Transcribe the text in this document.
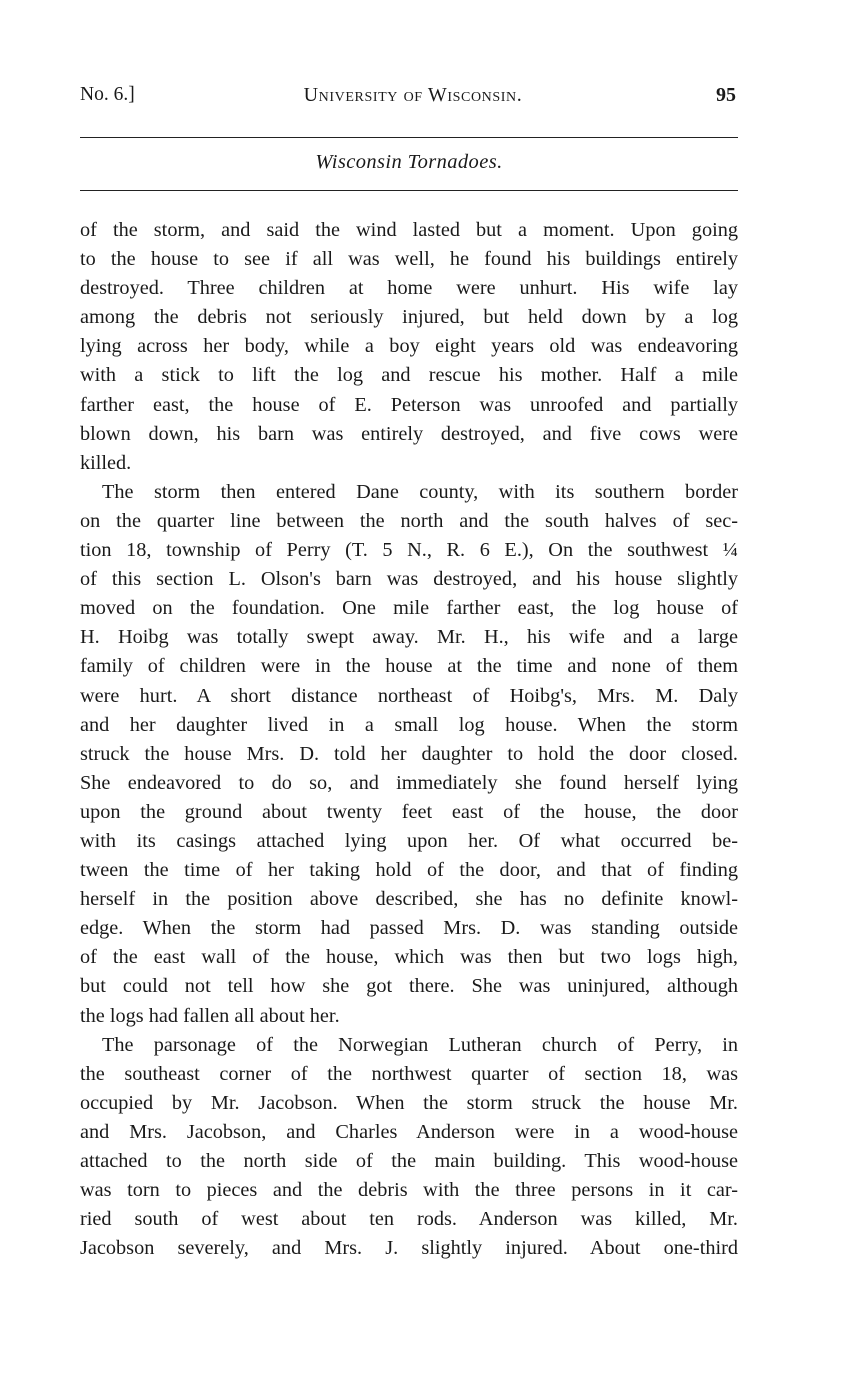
No. 6.]	University of Wisconsin.	95
Wisconsin Tornadoes.
of the storm, and said the wind lasted but a moment. Upon going
to the house to see if all was well, he found his buildings entirely
destroyed. Three children at home were unhurt. His wife lay
among the debris not seriously injured, but held down by a log
lying across her body, while a boy eight years old was endeavoring
with a stick to lift the log and rescue his mother. Half a mile
farther east, the house of E. Peterson was unroofed and partially
blown down, his barn was entirely destroyed, and five cows were
killed.
The storm then entered Dane county, with its southern border
on the quarter line between the north and the south halves of sec-
tion 18, township of Perry (T. 5 N., R. 6 E.), On the southwest ¼
of this section L. Olson's barn was destroyed, and his house slightly
moved on the foundation. One mile farther east, the log house of
H. Hoibg was totally swept away. Mr. H., his wife and a large
family of children were in the house at the time and none of them
were hurt. A short distance northeast of Hoibg's, Mrs. M. Daly
and her daughter lived in a small log house. When the storm
struck the house Mrs. D. told her daughter to hold the door closed.
She endeavored to do so, and immediately she found herself lying
upon the ground about twenty feet east of the house, the door
with its casings attached lying upon her. Of what occurred be-
tween the time of her taking hold of the door, and that of finding
herself in the position above described, she has no definite knowl-
edge. When the storm had passed Mrs. D. was standing outside
of the east wall of the house, which was then but two logs high,
but could not tell how she got there. She was uninjured, although
the logs had fallen all about her.
The parsonage of the Norwegian Lutheran church of Perry, in
the southeast corner of the northwest quarter of section 18, was
occupied by Mr. Jacobson. When the storm struck the house Mr.
and Mrs. Jacobson, and Charles Anderson were in a wood-house
attached to the north side of the main building. This wood-house
was torn to pieces and the debris with the three persons in it car-
ried south of west about ten rods. Anderson was killed, Mr.
Jacobson severely, and Mrs. J. slightly injured. About one-third
